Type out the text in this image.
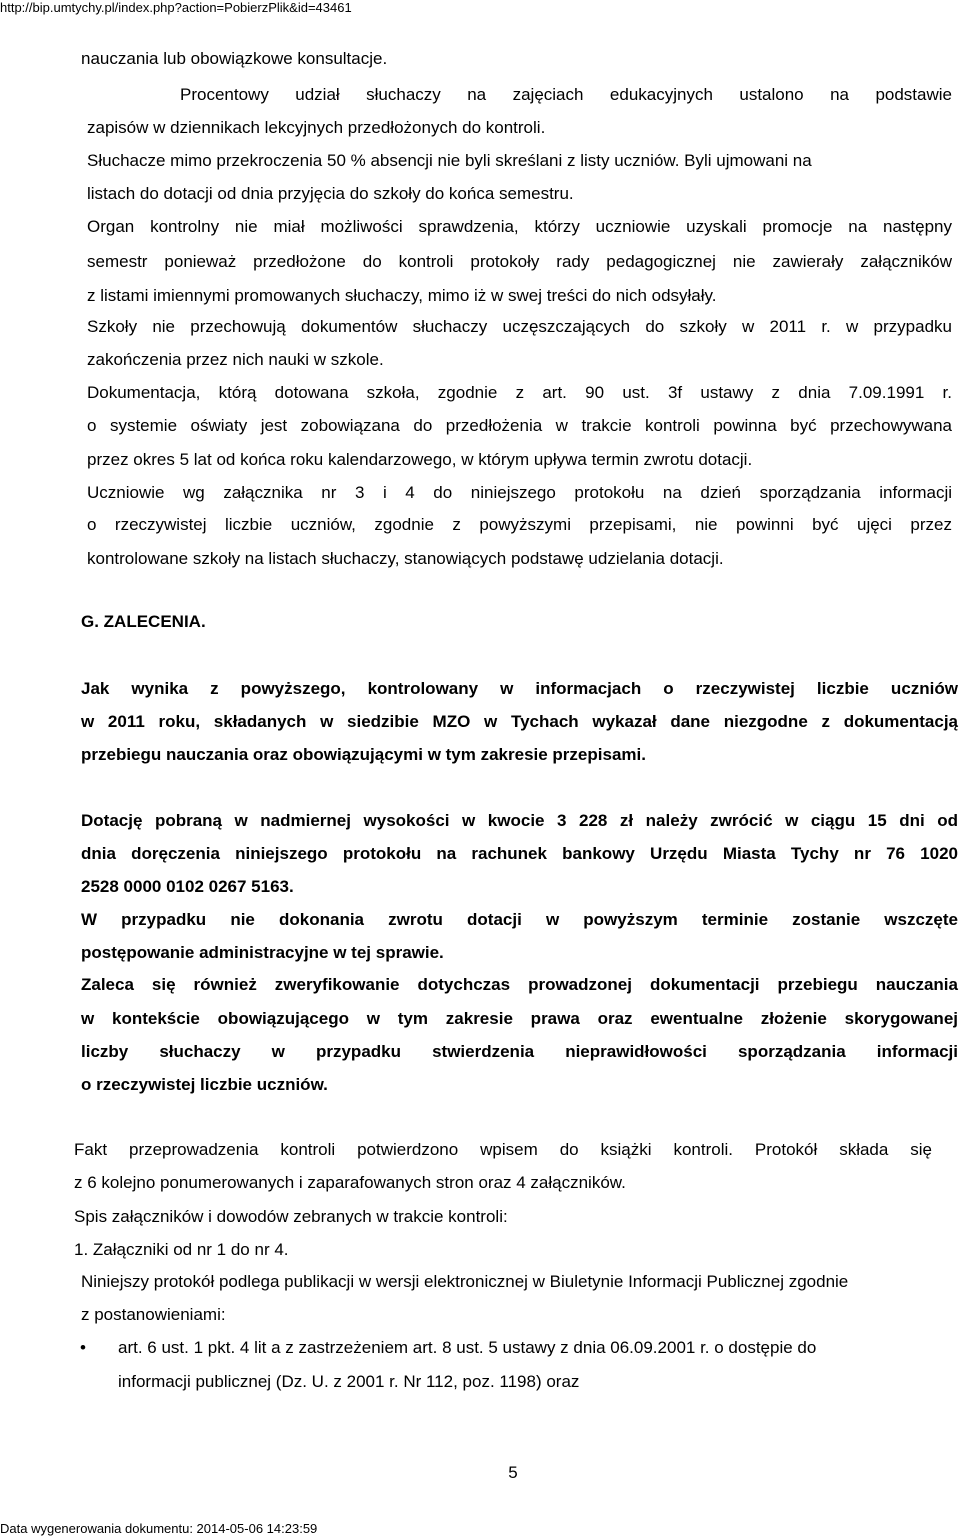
http://bip.umtychy.pl/index.php?action=PobierzPlik&id=43461
nauczania lub obowiązkowe konsultacje.
Procentowy udział słuchaczy na zajęciach edukacyjnych ustalono na podstawie
zapisów w dziennikach lekcyjnych przedłożonych do kontroli.
Słuchacze mimo przekroczenia 50 % absencji nie byli skreślani z listy uczniów. Byli ujmowani na
listach do dotacji od dnia przyjęcia do szkoły do końca semestru.
Organ kontrolny nie miał możliwości sprawdzenia, którzy uczniowie uzyskali promocje na następny
semestr ponieważ przedłożone do kontroli protokoły rady pedagogicznej nie zawierały załączników
z listami imiennymi promowanych słuchaczy, mimo iż w swej treści do nich odsyłały.
Szkoły nie przechowują dokumentów słuchaczy uczęszczających do szkoły w 2011 r. w przypadku
zakończenia przez nich nauki w szkole.
Dokumentacja, którą dotowana szkoła, zgodnie z art. 90 ust. 3f ustawy z dnia 7.09.1991 r.
o systemie oświaty jest zobowiązana do przedłożenia w trakcie kontroli powinna być przechowywana
przez okres 5 lat od końca roku kalendarzowego, w którym upływa termin zwrotu dotacji.
Uczniowie wg załącznika nr 3 i 4 do niniejszego protokołu na dzień sporządzania informacji
o rzeczywistej liczbie uczniów, zgodnie z powyższymi przepisami, nie powinni być ujęci przez
kontrolowane szkoły na listach słuchaczy, stanowiących podstawę udzielania dotacji.
G. ZALECENIA.
Jak wynika z powyższego, kontrolowany w informacjach o rzeczywistej liczbie uczniów
w 2011 roku, składanych w siedzibie MZO w Tychach wykazał dane niezgodne z dokumentacją
przebiegu nauczania oraz obowiązującymi w tym zakresie przepisami.
Dotację pobraną w nadmiernej wysokości w kwocie 3 228 zł należy zwrócić w ciągu 15 dni od
dnia doręczenia niniejszego protokołu na rachunek bankowy Urzędu Miasta Tychy nr 76 1020
2528 0000 0102 0267 5163.
W przypadku nie dokonania zwrotu dotacji w powyższym terminie zostanie wszczęte
postępowanie administracyjne w tej sprawie.
Zaleca się również zweryfikowanie dotychczas prowadzonej dokumentacji przebiegu nauczania
w kontekście obowiązującego w tym zakresie prawa oraz ewentualne złożenie skorygowanej
liczby słuchaczy w przypadku stwierdzenia nieprawidłowości sporządzania informacji
o rzeczywistej liczbie uczniów.
Fakt przeprowadzenia kontroli potwierdzono wpisem do książki kontroli. Protokół składa się
z 6 kolejno ponumerowanych i zaparafowanych stron oraz 4 załączników.
Spis załączników i dowodów zebranych w trakcie kontroli:
1. Załączniki od nr 1 do nr 4.
Niniejszy protokół podlega publikacji w wersji elektronicznej w Biuletynie Informacji Publicznej zgodnie
z postanowieniami:
• art. 6 ust. 1 pkt. 4 lit a z zastrzeżeniem art. 8 ust. 5 ustawy z dnia 06.09.2001 r. o dostępie do
informacji publicznej (Dz. U. z 2001 r. Nr 112, poz. 1198) oraz
5
Data wygenerowania dokumentu: 2014-05-06 14:23:59
